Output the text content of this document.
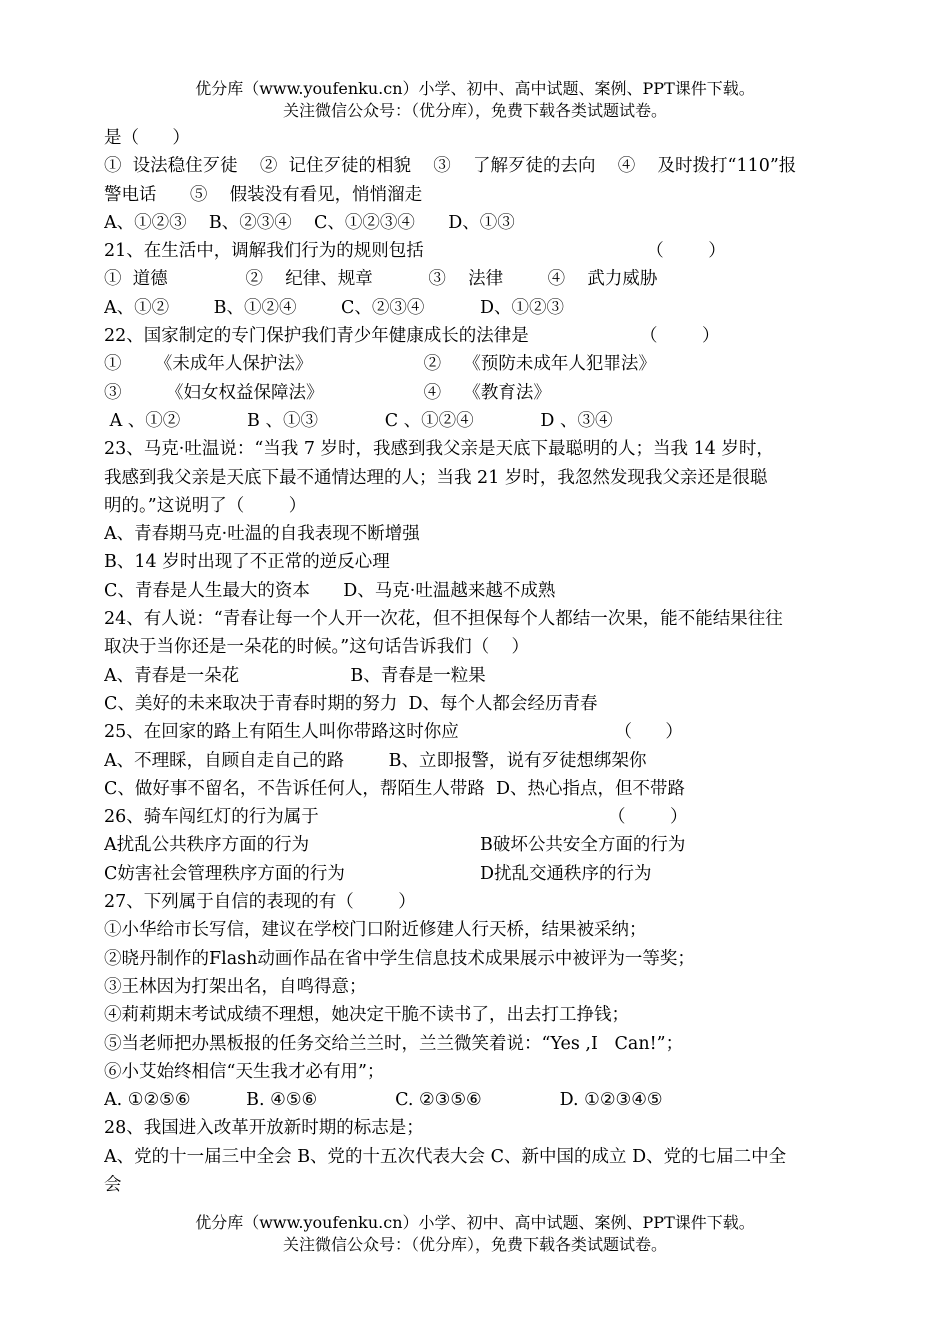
优分库（www.youfenku.cn）小学、初中、高中试题、案例、PPT课件下载。
关注微信公众号：（优分库），免费下载各类试题试卷。
是（      ）
①  设法稳住歹徒    ②  记住歹徒的相貌    ③    了解歹徒的去向    ④    及时拨打“110”报
警电话      ⑤    假装没有看见，悄悄溜走
A、①②③    B、②③④    C、①②③④      D、①③
21、在生活中，调解我们行为的规则包括                                        （        ）
①  道德              ②    纪律、规章          ③    法律        ④    武力威胁
A、①②        B、①②④        C、②③④          D、①②③
22、国家制定的专门保护我们青少年健康成长的法律是                    （        ）
①      《未成年人保护法》                    ②    《预防未成年人犯罪法》
③        《妇女权益保障法》                  ④    《教育法》
A 、①②            B 、①③            C 、①②④            D 、③④
23、马克·吐温说：“当我 7 岁时，我感到我父亲是天底下最聪明的人；当我 14 岁时，
我感到我父亲是天底下最不通情达理的人；当我 21 岁时，我忽然发现我父亲还是很聪
明的。”这说明了（        ）
A、青春期马克·吐温的自我表现不断增强
B、14 岁时出现了不正常的逆反心理
C、青春是人生最大的资本      D、马克·吐温越来越不成熟
24、有人说：“青春让每一个人开一次花，但不担保每个人都结一次果，能不能结果往往
取决于当你还是一朵花的时候。”这句话告诉我们（    ）
A、青春是一朵花                    B、青春是一粒果
C、美好的未来取决于青春时期的努力  D、每个人都会经历青春
25、在回家的路上有陌生人叫你带路这时你应                            （      ）
A、不理睬，自顾自走自己的路        B、立即报警，说有歹徒想绑架你
C、做好事不留名，不告诉任何人，帮陌生人带路  D、热心指点，但不带路
26、骑车闯红灯的行为属于                                                    （        ）
A扰乱公共秩序方面的行为	B破坏公共安全方面的行为
C妨害社会管理秩序方面的行为	D扰乱交通秩序的行为
27、下列属于自信的表现的有（        ）
①小华给市长写信，建议在学校门口附近修建人行天桥，结果被采纳；
②晓丹制作的Flash动画作品在省中学生信息技术成果展示中被评为一等奖；
③王林因为打架出名，自鸣得意；
④莉莉期末考试成绩不理想，她决定干脆不读书了，出去打工挣钱；
⑤当老师把办黑板报的任务交给兰兰时，兰兰微笑着说：“Yes ,I   Can!”；
⑥小艾始终相信“天生我才必有用”；
A. ①②⑤⑥          B. ④⑤⑥              C. ②③⑤⑥              D. ①②③④⑤
28、我国进入改革开放新时期的标志是；
A、党的十一届三中全会 B、党的十五次代表大会 C、新中国的成立 D、党的七届二中全
会
优分库（www.youfenku.cn）小学、初中、高中试题、案例、PPT课件下载。
关注微信公众号：（优分库），免费下载各类试题试卷。
